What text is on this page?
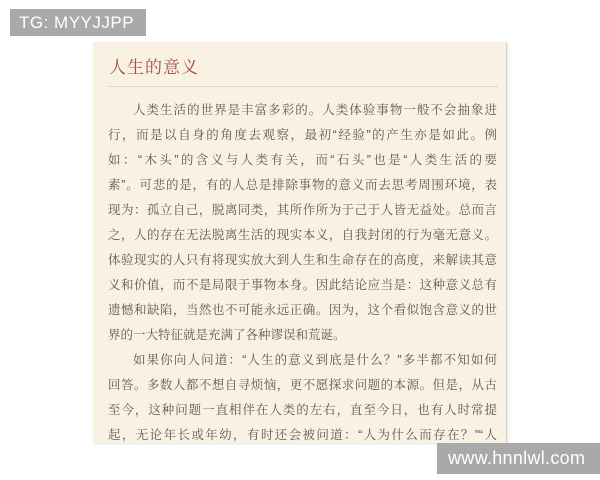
TG: MYYJJPP
人生的意义
人类生活的世界是丰富多彩的。人类体验事物一般不会抽象进
行，而是以自身的角度去观察，最初“经验”的产生亦是如此。例
如：“木头”的含义与人类有关，而“石头”也是“人类生活的要
素”。可悲的是，有的人总是排除事物的意义而去思考周围环境，表
现为：孤立自己，脱离同类，其所作所为于己于人皆无益处。总而言
之，人的存在无法脱离生活的现实本义，自我封闭的行为毫无意义。
体验现实的人只有将现实放大到人生和生命存在的高度，来解读其意
义和价值，而不是局限于事物本身。因此结论应当是：这种意义总有
遗憾和缺陷，当然也不可能永远正确。因为，这个看似饱含意义的世
界的一大特征就是充满了各种谬误和荒诞。
如果你向人问道：“人生的意义到底是什么？”多半都不知如何
回答。多数人都不想自寻烦恼，更不愿探求问题的本源。但是，从古
至今，这种问题一直相伴在人类的左右，直至今日，也有人时常提
起，无论年长或年幼，有时还会被问道：“人为什么而存在？”“人
www.hnnlwl.com
